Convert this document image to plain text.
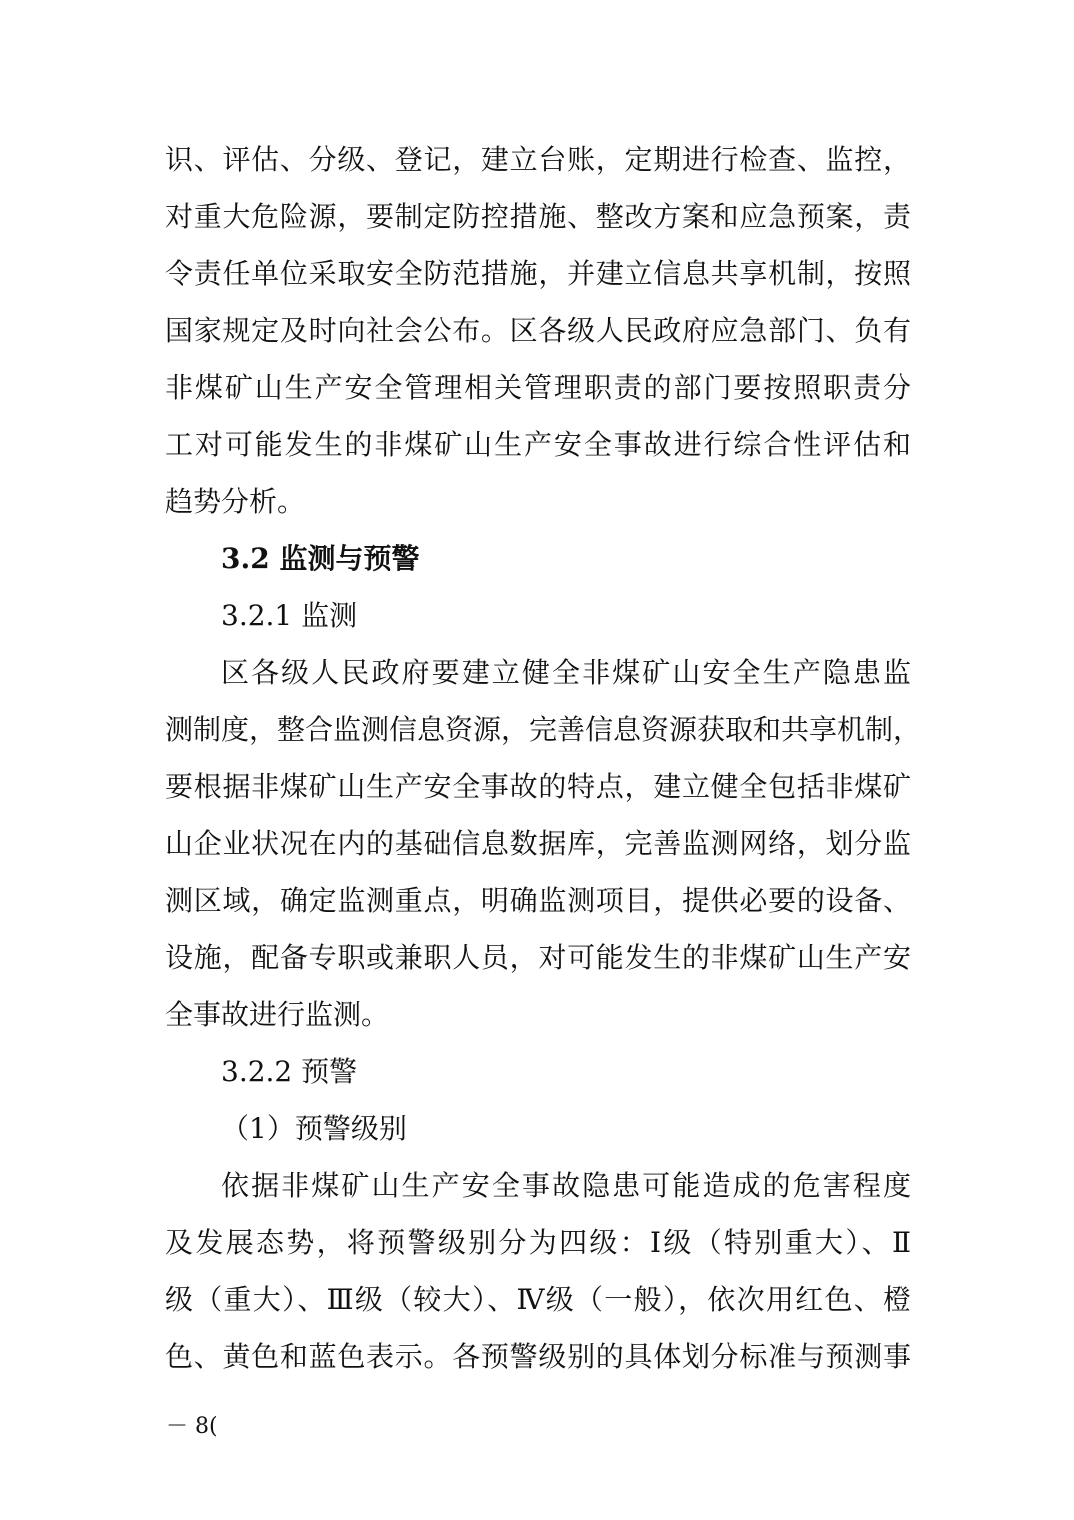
识、评估、分级、登记，建立台账，定期进行检查、监控，
对重大危险源，要制定防控措施、整改方案和应急预案，责
令责任单位采取安全防范措施，并建立信息共享机制，按照
国家规定及时向社会公布。区各级人民政府应急部门、负有
非煤矿山生产安全管理相关管理职责的部门要按照职责分
工对可能发生的非煤矿山生产安全事故进行综合性评估和
趋势分析。
3.2 监测与预警
3.2.1 监测
区各级人民政府要建立健全非煤矿山安全生产隐患监
测制度，整合监测信息资源，完善信息资源获取和共享机制，
要根据非煤矿山生产安全事故的特点，建立健全包括非煤矿
山企业状况在内的基础信息数据库，完善监测网络，划分监
测区域，确定监测重点，明确监测项目，提供必要的设备、
设施，配备专职或兼职人员，对可能发生的非煤矿山生产安
全事故进行监测。
3.2.2 预警
（1）预警级别
依据非煤矿山生产安全事故隐患可能造成的危害程度
及发展态势，将预警级别分为四级：Ⅰ级（特别重大）、Ⅱ
级（重大）、Ⅲ级（较大）、Ⅳ级（一般），依次用红色、橙
色、黄色和蓝色表示。各预警级别的具体划分标准与预测事
－ 8(
